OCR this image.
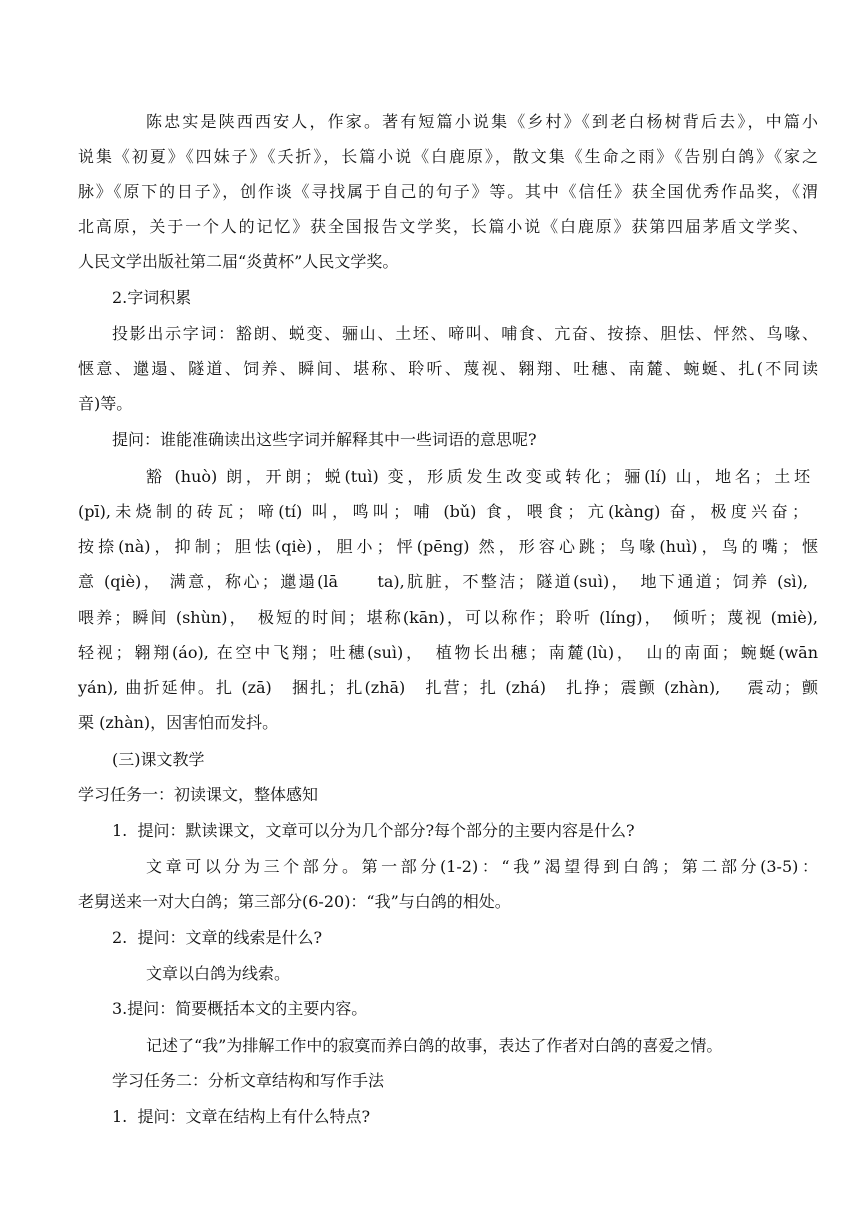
陈忠实是陕西西安人，作家。著有短篇小说集《乡村》《到老白杨树背后去》，中篇小
说集《初夏》《四妹子》《夭折》，长篇小说《白鹿原》，散文集《生命之雨》《告别白鸽》《家之
脉》《原下的日子》，创作谈《寻找属于自己的句子》等。其中《信任》获全国优秀作品奖，《渭
北高原，关于一个人的记忆》获全国报告文学奖，长篇小说《白鹿原》获第四届茅盾文学奖、
人民文学出版社第二届“炎黄杯”人民文学奖。
2.字词积累
投影出示字词：豁朗、蜕变、骊山、土坯、啼叫、哺食、亢奋、按捺、胆怯、怦然、鸟喙、
惬意、邋遢、隧道、饲养、瞬间、堪称、聆听、蔑视、翱翔、吐穗、南麓、蜿蜒、扎(不同读
音)等。
提问：谁能准确读出这些字词并解释其中一些词语的意思呢?
豁 (huò) 朗，开朗；蜕(tuì) 变，形质发生改变或转化；骊(lí) 山，地名；土坯
(pī),未烧制的砖瓦；啼(tí) 叫，鸣叫；哺 (bǔ) 食，喂食；亢(kàng) 奋，极度兴奋；
按捺(nà)，抑制；胆怯(qiè)，胆小；怦(pēng) 然，形容心跳；鸟喙(huì)，鸟的嘴；惬
意 (qiè)， 满意，称心；邋遢(lā　　ta),肮脏，不整洁；隧道(suì)，　地下通道；饲养 (sì),
喂养；瞬间 (shùn)，　极短的时间；堪称(kān)，可以称作；聆听 (líng)，　倾听；蔑视 (miè),
轻视；翱翔(áo), 在空中飞翔；吐穗(suì)，　植物长出穗；南麓(lù)，　山的南面；蜿蜒(wān
yán), 曲折延伸。扎 (zā)　捆扎；扎(zhā)　扎营；扎 (zhá)　扎挣；震颤 (zhàn),　 震动；颤
栗 (zhàn)，因害怕而发抖。
(三)课文教学
学习任务一：初读课文，整体感知
1.  提问：默读课文，文章可以分为几个部分?每个部分的主要内容是什么?
文章可以分为三个部分。第一部分(1-2)：“我”渴望得到白鸽；第二部分(3-5)：
老舅送来一对大白鸽；第三部分(6-20)：“我”与白鸽的相处。
2.  提问：文章的线索是什么?
文章以白鸽为线索。
3.提问：简要概括本文的主要内容。
记述了“我”为排解工作中的寂寞而养白鸽的故事，表达了作者对白鸽的喜爱之情。
学习任务二：分析文章结构和写作手法
1.  提问：文章在结构上有什么特点?
